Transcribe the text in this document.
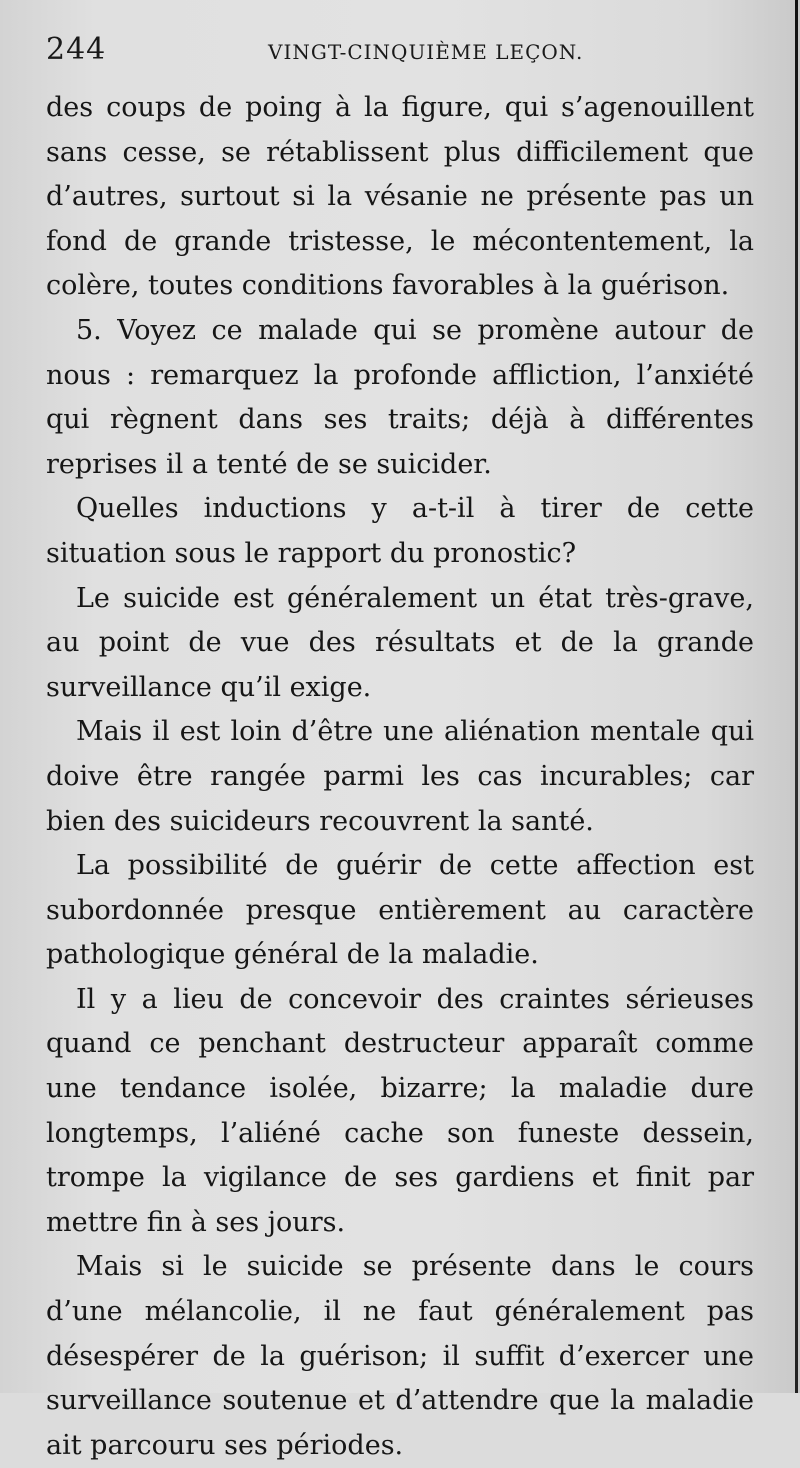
244	VINGT-CINQUIÈME LEÇON.

des coups de poing à la figure, qui s’agenouillent sans cesse, se rétablissent plus difficilement que d’autres, surtout si la vésanie ne présente pas un fond de grande tristesse, le mécontentement, la colère, toutes conditions favorables à la guérison.

5. Voyez ce malade qui se promène autour de nous : remarquez la profonde affliction, l’anxiété qui règnent dans ses traits; déjà à différentes reprises il a tenté de se suicider.

Quelles inductions y a-t-il à tirer de cette situation sous le rapport du pronostic?

Le suicide est généralement un état très-grave, au point de vue des résultats et de la grande surveillance qu’il exige.

Mais il est loin d’être une aliénation mentale qui doive être rangée parmi les cas incurables; car bien des suicideurs recouvrent la santé.

La possibilité de guérir de cette affection est subordonnée presque entièrement au caractère pathologique général de la maladie.

Il y a lieu de concevoir des craintes sérieuses quand ce penchant destructeur apparaît comme une tendance isolée, bizarre; la maladie dure longtemps, l’aliéné cache son funeste dessein, trompe la vigilance de ses gardiens et finit par mettre fin à ses jours.

Mais si le suicide se présente dans le cours d’une mélancolie, il ne faut généralement pas désespérer de la guérison; il suffit d’exercer une surveillance soutenue et d’attendre que la maladie ait parcouru ses périodes.
